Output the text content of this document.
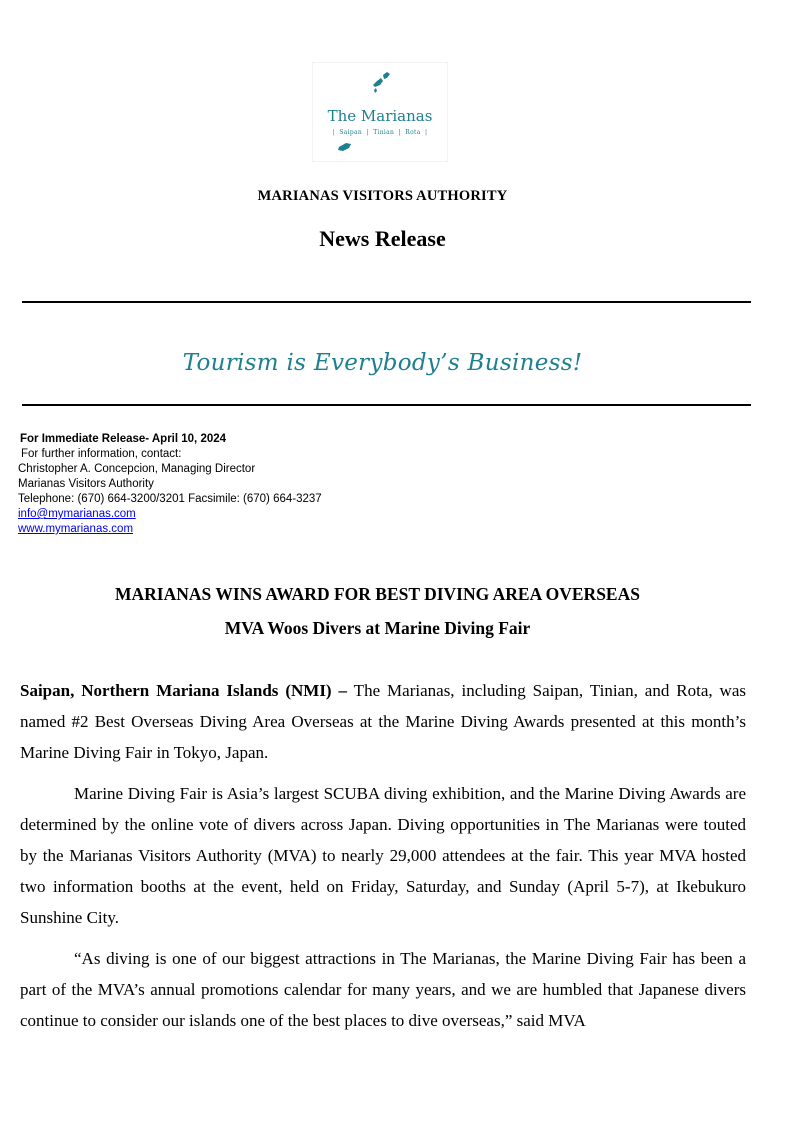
The Marianas
|  Saipan  |  Tinian  |  Rota  |
MARIANAS VISITORS AUTHORITY
News Release
Tourism is Everybody’s Business!
For Immediate Release- April 10, 2024
For further information, contact:
Christopher A. Concepcion, Managing Director
Marianas Visitors Authority
Telephone: (670) 664-3200/3201 Facsimile: (670) 664-3237
info@mymarianas.com
www.mymarianas.com
MARIANAS WINS AWARD FOR BEST DIVING AREA OVERSEAS
MVA Woos Divers at Marine Diving Fair

Saipan, Northern Mariana Islands (NMI) – The Marianas, including Saipan, Tinian, and Rota, was named #2 Best Overseas Diving Area Overseas at the Marine Diving Awards presented at this month’s Marine Diving Fair in Tokyo, Japan.

Marine Diving Fair is Asia’s largest SCUBA diving exhibition, and the Marine Diving Awards are determined by the online vote of divers across Japan. Diving opportunities in The Marianas were touted by the Marianas Visitors Authority (MVA) to nearly 29,000 attendees at the fair. This year MVA hosted two information booths at the event, held on Friday, Saturday, and Sunday (April 5-7), at Ikebukuro Sunshine City.

“As diving is one of our biggest attractions in The Marianas, the Marine Diving Fair has been a part of the MVA’s annual promotions calendar for many years, and we are humbled that Japanese divers continue to consider our islands one of the best places to dive overseas,” said MVA
